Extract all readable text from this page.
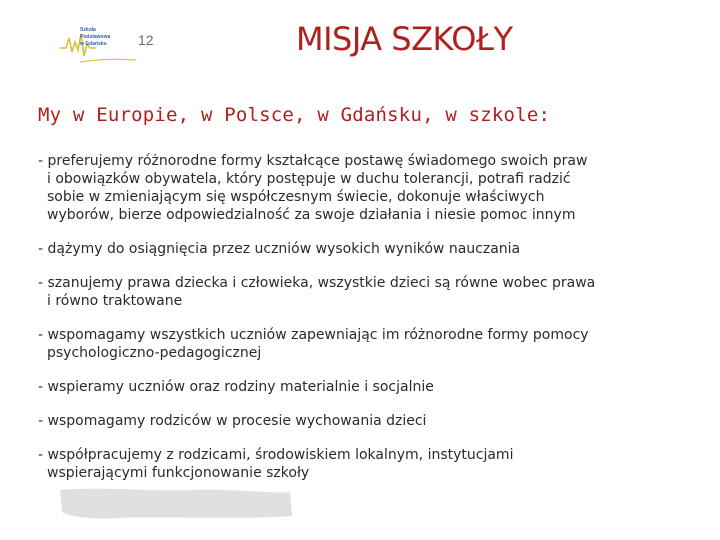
Szkoła
Podstawowa
w Gdańsku 12	MISJA SZKOŁY
My w Europie, w Polsce, w Gdańsku, w szkole:
- preferujemy różnorodne formy kształcące postawę świadomego swoich praw
i obowiązków obywatela, który postępuje w duchu tolerancji, potrafi radzić
sobie w zmieniającym się współczesnym świecie, dokonuje właściwych
wyborów, bierze odpowiedzialność za swoje działania i niesie pomoc innym
- dążymy do osiągnięcia przez uczniów wysokich wyników nauczania
- szanujemy prawa dziecka i człowieka, wszystkie dzieci są równe wobec prawa
i równo traktowane
- wspomagamy wszystkich uczniów zapewniając im różnorodne formy pomocy
psychologiczno-pedagogicznej
- wspieramy uczniów oraz rodziny materialnie i socjalnie
- wspomagamy rodziców w procesie wychowania dzieci
- współpracujemy z rodzicami, środowiskiem lokalnym, instytucjami
wspierającymi funkcjonowanie szkoły
